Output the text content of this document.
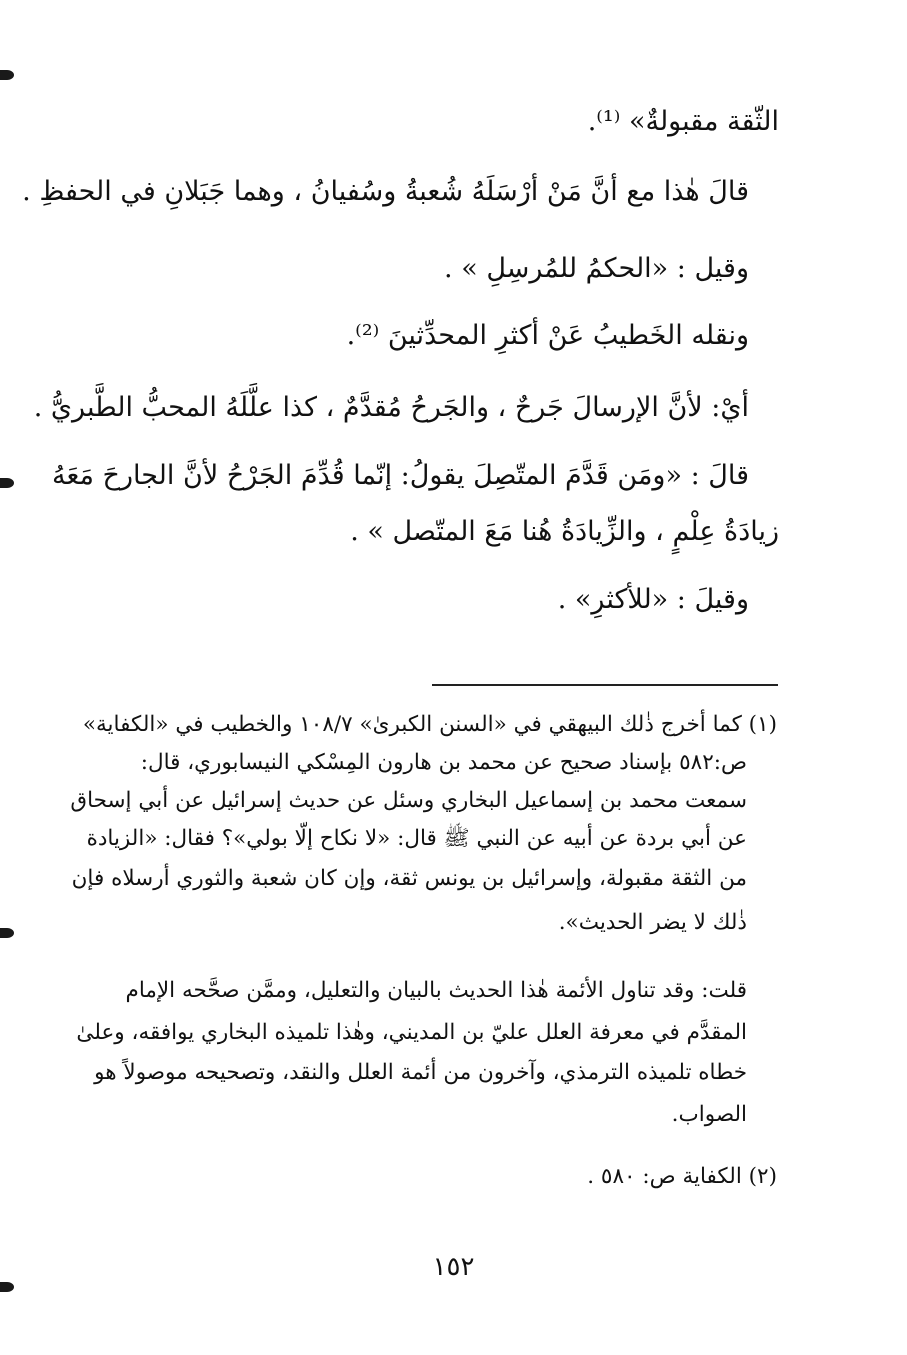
الثّقة مقبولةٌ» ⁽¹⁾.
قالَ هٰذا مع أنَّ مَنْ أرْسَلَهُ شُعبةُ وسُفيانُ ، وهما جَبَلانِ في الحفظِ .
وقيل : «الحكمُ للمُرسِلِ » .
ونقله الخَطيبُ عَنْ أكثرِ المحدِّثينَ ⁽²⁾.
أيْ: لأنَّ الإرسالَ جَرحٌ ، والجَرحُ مُقدَّمٌ ، كذا علَّلَهُ المحبُّ الطَّبريُّ .
قالَ : «ومَن قَدَّمَ المتّصِلَ يقولُ: إنّما قُدِّمَ الجَرْحُ لأنَّ الجارحَ مَعَهُ
زيادَةُ عِلْمٍ ، والزِّيادَةُ هُنا مَعَ المتّصل » .
وقيلَ : «للأكثرِ» .
(١) كما أخرج ذٰلك البيهقي في «السنن الكبرىٰ» ١٠٨/٧ والخطيب في «الكفاية»
ص:٥٨٢ بإسناد صحيح عن محمد بن هارون المِسْكي النيسابوري، قال:
سمعت محمد بن إسماعيل البخاري وسئل عن حديث إسرائيل عن أبي إسحاق
عن أبي بردة عن أبيه عن النبي ﷺ قال: «لا نكاح إلّا بولي»؟ فقال: «الزيادة
من الثقة مقبولة، وإسرائيل بن يونس ثقة، وإن كان شعبة والثوري أرسلاه فإن
ذٰلك لا يضر الحديث».
قلت: وقد تناول الأئمة هٰذا الحديث بالبيان والتعليل، وممَّن صحَّحه الإمام
المقدَّم في معرفة العلل عليّ بن المديني، وهٰذا تلميذه البخاري يوافقه، وعلىٰ
خطاه تلميذه الترمذي، وآخرون من أئمة العلل والنقد، وتصحيحه موصولاً هو
الصواب.
(٢) الكفاية ص: ٥٨٠ .
١٥٢
